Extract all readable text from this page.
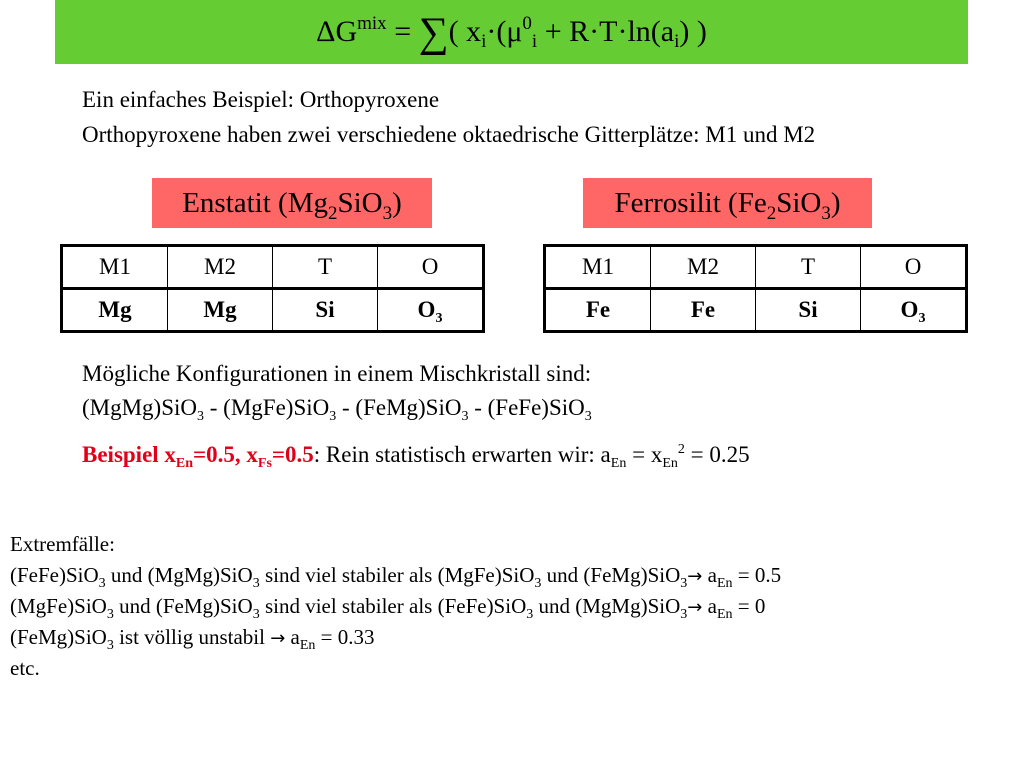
$\Delta G^{mix}$ = ∑( $x_i\cdot(\mu^0_i + R\cdot T\cdot\ln(a_i)$ )
Ein einfaches Beispiel: Orthopyroxene
Orthopyroxene haben zwei verschiedene oktaedrische Gitterplätze: M1 und M2
Enstatit $(Mg_2SiO_3)$	Ferrosilit $(Fe_2SiO_3)$
M1	M2	T	O
Mg	Mg	Si	$O_3$
M1	M2	T	O
Fe	Fe	Si	$O_3$
Mögliche Konfigurationen in einem Mischkristall sind:
(MgMg)SiO$_3$ - (MgFe)SiO$_3$ - (FeMg)SiO$_3$ - (FeFe)SiO$_3$
Beispiel $x_{En}=0.5$, $x_{Fs}=0.5$: Rein statistisch erwarten wir: $a_{En} = x_{En}^2 = 0.25$
Extremfälle:
(FeFe)SiO$_3$ und (MgMg)SiO$_3$ sind viel stabiler als (MgFe)SiO$_3$ und (FeMg)SiO$_3$→ $a_{En} = 0.5$
(MgFe)SiO$_3$ und (FeMg)SiO$_3$ sind viel stabiler als (FeFe)SiO$_3$ und (MgMg)SiO$_3$→ $a_{En} = 0$
(FeMg)SiO$_3$ ist völlig unstabil → $a_{En} = 0.33$
etc.
